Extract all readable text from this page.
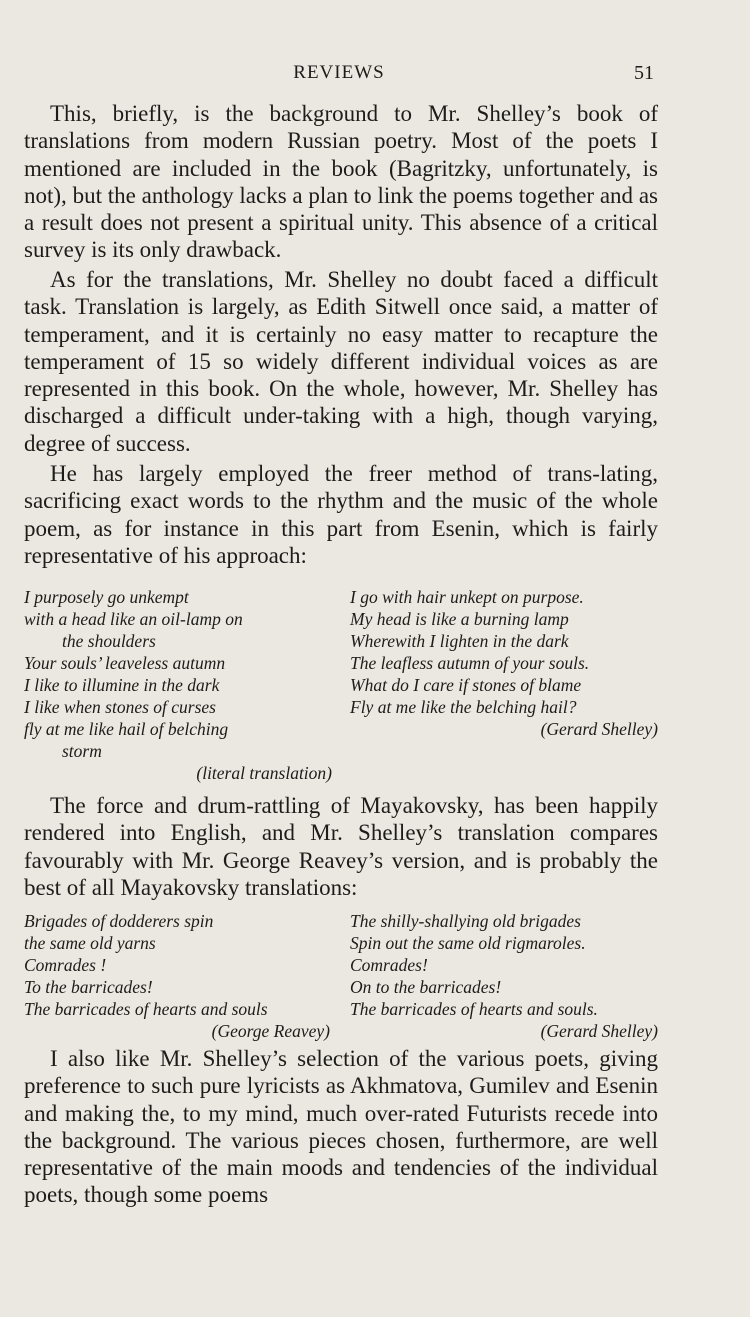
REVIEWS	51

This, briefly, is the background to Mr. Shelley’s book of translations from modern Russian poetry. Most of the poets I mentioned are included in the book (Bagritzky, unfortunately, is not), but the anthology lacks a plan to link the poems together and as a result does not present a spiritual unity. This absence of a critical survey is its only drawback.

As for the translations, Mr. Shelley no doubt faced a difficult task. Translation is largely, as Edith Sitwell once said, a matter of temperament, and it is certainly no easy matter to recapture the temperament of 15 so widely different individual voices as are represented in this book. On the whole, however, Mr. Shelley has discharged a difficult under-taking with a high, though varying, degree of success.

He has largely employed the freer method of trans-lating, sacrificing exact words to the rhythm and the music of the whole poem, as for instance in this part from Esenin, which is fairly representative of his approach:

I purposely go unkempt
with a head like an oil-lamp on
the shoulders
Your souls’ leaveless autumn
I like to illumine in the dark
I like when stones of curses
fly at me like hail of belching
storm
(literal translation)
I go with hair unkept on purpose.
My head is like a burning lamp
Wherewith I lighten in the dark
The leafless autumn of your souls.
What do I care if stones of blame
Fly at me like the belching hail?
(Gerard Shelley)

The force and drum-rattling of Mayakovsky, has been happily rendered into English, and Mr. Shelley’s translation compares favourably with Mr. George Reavey’s version, and is probably the best of all Mayakovsky translations:

Brigades of dodderers spin
the same old yarns
Comrades !
To the barricades!
The barricades of hearts and souls
(George Reavey)
The shilly-shallying old brigades
Spin out the same old rigmaroles.
Comrades!
On to the barricades!
The barricades of hearts and souls.
(Gerard Shelley)

I also like Mr. Shelley’s selection of the various poets, giving preference to such pure lyricists as Akhmatova, Gumilev and Esenin and making the, to my mind, much over-rated Futurists recede into the background. The various pieces chosen, furthermore, are well representative of the main moods and tendencies of the individual poets, though some poems
